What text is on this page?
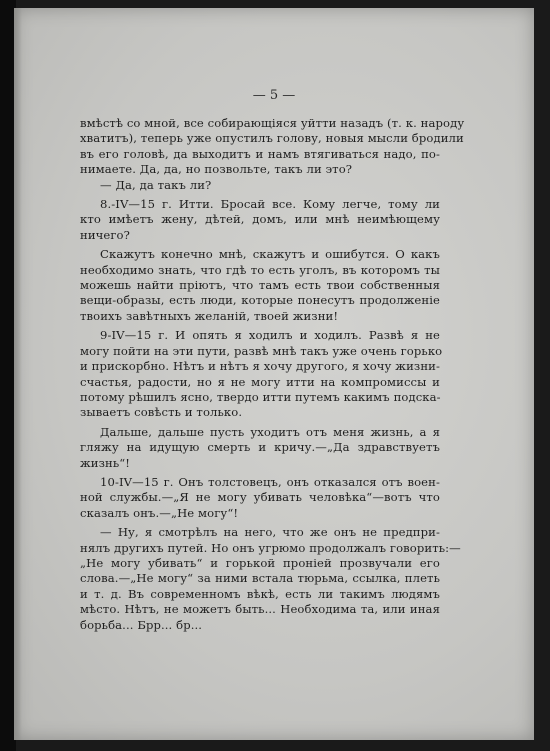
— 5 —
вмѣстѣ со мной, все собирающіяся уйтти назадъ (т. к. народу
хватитъ), теперь уже опустилъ голову, новыя мысли бродили
въ его головѣ, да выходитъ и намъ втягиваться надо, по-
нимаете. Да, да, но позвольте, такъ ли это?
— Да, да такъ ли?
8.-IV—15 г. Итти. Бросай все. Кому легче, тому ли
кто имѣетъ жену, дѣтей, домъ, или мнѣ неимѣющему
ничего?
Скажутъ конечно мнѣ, скажутъ и ошибутся. О какъ
необходимо знать, что гдѣ то есть уголъ, въ которомъ ты
можешь найти пріютъ, что тамъ есть твои собственныя
вещи-образы, есть люди, которые понесутъ продолженіе
твоихъ завѣтныхъ желаній, твоей жизни!
9-IV—15 г. И опять я ходилъ и ходилъ. Развѣ я не
могу пойти на эти пути, развѣ мнѣ такъ уже очень горько
и прискорбно. Нѣтъ и нѣтъ я хочу другого, я хочу жизни-
счастья, радости, но я не могу итти на компромиссы и
потому рѣшилъ ясно, твердо итти путемъ какимъ подска-
зываетъ совѣсть и только.
Дальше, дальше пусть уходитъ отъ меня жизнь, а я
гляжу на идущую смерть и кричу.—„Да здравствуетъ
жизнь“!
10-IV—15 г. Онъ толстовецъ, онъ отказался отъ воен-
ной службы.—„Я не могу убивать человѣка“—вотъ что
сказалъ онъ.—„Не могу“!
— Ну, я смотрѣлъ на него, что же онъ не предпри-
нялъ другихъ путей. Но онъ угрюмо продолжалъ говорить:—
„Не могу убивать“ и горькой проніей прозвучали его
слова.—„Не могу“ за ними встала тюрьма, ссылка, плеть
и т. д. Въ современномъ вѣкѣ, есть ли такимъ людямъ
мѣсто. Нѣтъ, не можетъ быть... Необходима та, или иная
борьба... Брр... бр...
